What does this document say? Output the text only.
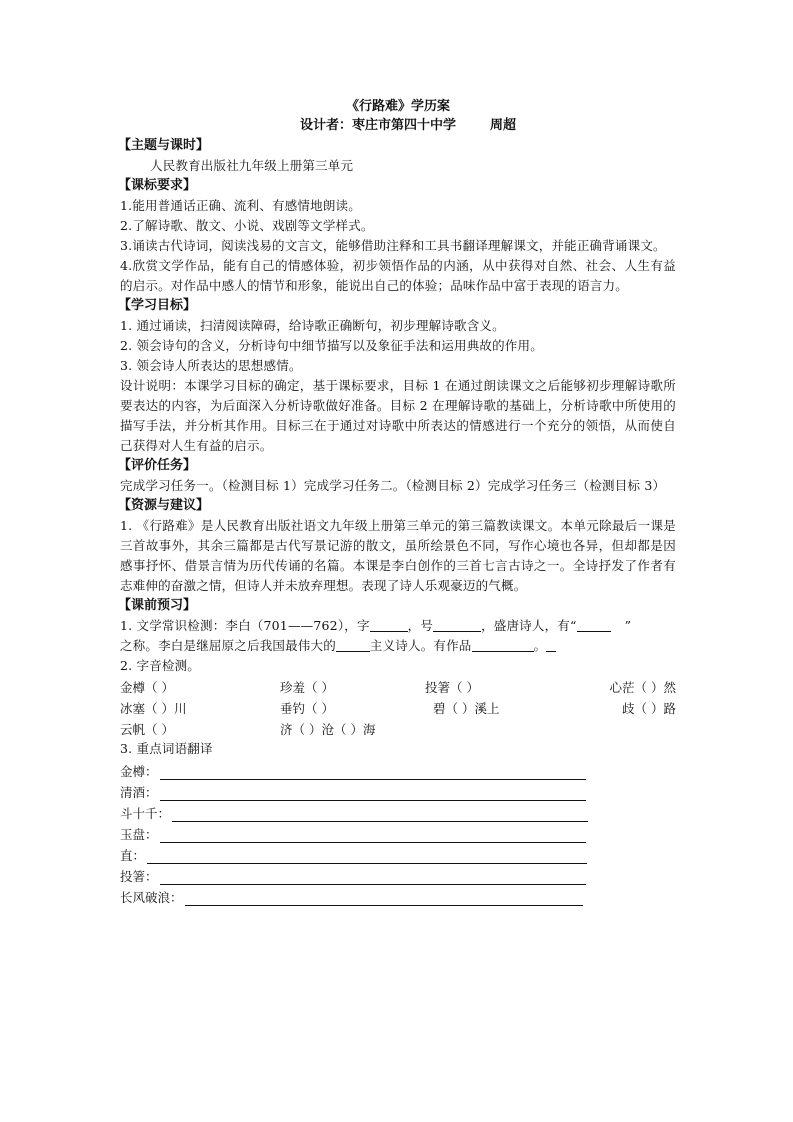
《行路难》学历案
设计者：枣庄市第四十中学	周超
【主题与课时】

人民教育出版社九年级上册第三单元

【课标要求】

1.能用普通话正确、流利、有感情地朗读。

2.了解诗歌、散文、小说、戏剧等文学样式。

3.诵读古代诗词，阅读浅易的文言文，能够借助注释和工具书翻译理解课文，并能正确背诵课文。

4.欣赏文学作品，能有自己的情感体验，初步领悟作品的内涵，从中获得对自然、社会、人生有益的启示。对作品中感人的情节和形象，能说出自己的体验；品味作品中富于表现的语言力。

【学习目标】

1. 通过诵读，扫清阅读障碍，给诗歌正确断句，初步理解诗歌含义。

2. 领会诗句的含义，分析诗句中细节描写以及象征手法和运用典故的作用。

3. 领会诗人所表达的思想感情。

设计说明：本课学习目标的确定，基于课标要求，目标 1 在通过朗读课文之后能够初步理解诗歌所要表达的内容，为后面深入分析诗歌做好准备。目标 2 在理解诗歌的基础上，分析诗歌中所使用的描写手法，并分析其作用。目标三在于通过对诗歌中所表达的情感进行一个充分的领悟，从而使自己获得对人生有益的启示。

【评价任务】

完成学习任务一。（检测目标 1）完成学习任务二。（检测目标 2）完成学习任务三（检测目标 3）

【资源与建议】

1. 《行路难》是人民教育出版社语文九年级上册第三单元的第三篇教读课文。本单元除最后一课是三首故事外，其余三篇都是古代写景记游的散文，虽所绘景色不同，写作心境也各异，但却都是因感事抒怀、借景言情为历代传诵的名篇。本课是李白创作的三首七言古诗之一。全诗抒发了作者有志难伸的奋激之情，但诗人并未放弃理想。表现了诗人乐观豪迈的气概。

【课前预习】

1. 文学常识检测：李白（701——762），字	，号	，盛唐诗人，有“	”
之称。李白是继屈原之后我国最伟大的	主义诗人。有作品	。

2. 字音检测。

金樽（ ）	珍羞（ ）	投箸（ ）	心茫（ ）然
冰塞（ ）川	垂钓（ ）	碧（ ）溪上	歧（ ）路
云帆（ ）	济（ ）沧（ ）海		

3. 重点词语翻译

金樽：
清酒：
斗十千：
玉盘：
直：
投箸：
长风破浪：
